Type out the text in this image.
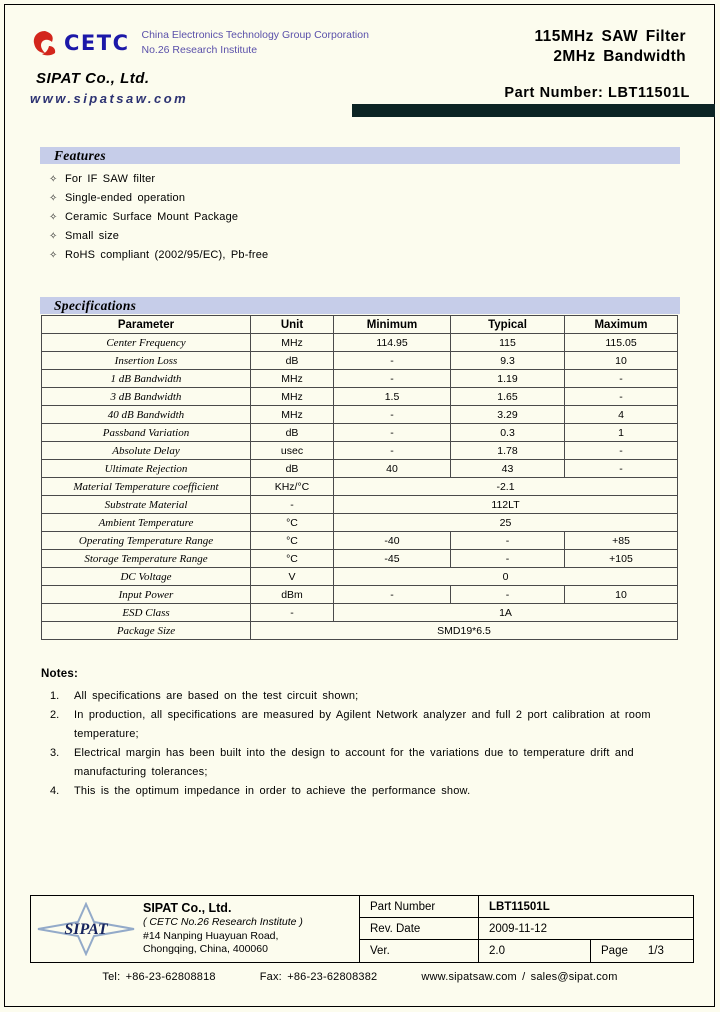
CETC China Electronics Technology Group Corporation
No.26 Research Institute
SIPAT Co., Ltd.
www.sipatsaw.com
115MHz SAW Filter
2MHz Bandwidth
Part Number: LBT11501L
Features
✧ For IF SAW filter
✧ Single-ended operation
✧ Ceramic Surface Mount Package
✧ Small size
✧ RoHS compliant (2002/95/EC), Pb-free
Specifications
Parameter	Unit	Minimum	Typical	Maximum
Center Frequency	MHz	114.95	115	115.05
Insertion Loss	dB	-	9.3	10
1 dB Bandwidth	MHz	-	1.19	-
3 dB Bandwidth	MHz	1.5	1.65	-
40 dB Bandwidth	MHz	-	3.29	4
Passband Variation	dB	-	0.3	1
Absolute Delay	usec	-	1.78	-
Ultimate Rejection	dB	40	43	-
Material Temperature coefficient	KHz/°C	-2.1		
Substrate Material	-	112LT		
Ambient Temperature	°C	25		
Operating Temperature Range	°C	-40	-	+85
Storage Temperature Range	°C	-45	-	+105
DC Voltage	V	0		
Input Power	dBm	-	-	10
ESD Class	-	1A		
Package Size	SMD19*6.5			
Notes:
1.	All specifications are based on the test circuit shown;
2.	In production, all specifications are measured by Agilent Network analyzer and full 2 port calibration at room temperature;
3.	Electrical margin has been built into the design to account for the variations due to temperature drift and manufacturing tolerances;
4.	This is the optimum impedance in order to achieve the performance show.
SIPAT
SIPAT Co., Ltd.
( CETC No.26 Research Institute )
#14 Nanping Huayuan Road,
Chongqing, China, 400060
Part Number	LBT11501L
Rev. Date	2009-11-12
Ver.	2.0	Page 1/3
Tel: +86-23-62808818	Fax: +86-23-62808382	www.sipatsaw.com / sales@sipat.com
